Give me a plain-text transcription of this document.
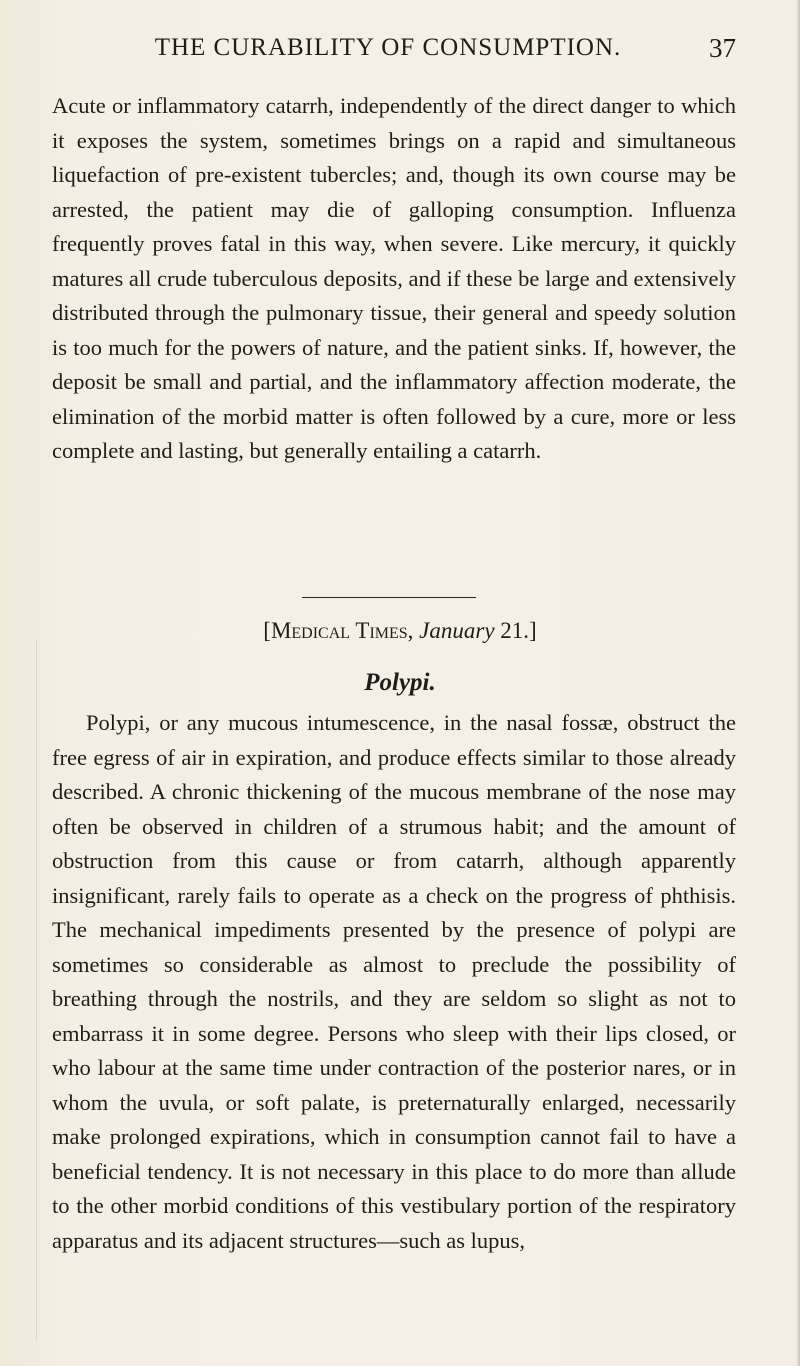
THE CURABILITY OF CONSUMPTION.	37

Acute or inflammatory catarrh, independently of the direct danger to which it exposes the system, sometimes brings on a rapid and simultaneous liquefaction of pre-existent tubercles; and, though its own course may be arrested, the patient may die of galloping consumption. Influenza frequently proves fatal in this way, when severe. Like mercury, it quickly matures all crude tuberculous deposits, and if these be large and extensively distributed through the pulmonary tissue, their general and speedy solution is too much for the powers of nature, and the patient sinks. If, however, the deposit be small and partial, and the inflammatory affection moderate, the elimination of the morbid matter is often followed by a cure, more or less complete and lasting, but generally entailing a catarrh.

[Medical Times, January 21.]
Polypi.

Polypi, or any mucous intumescence, in the nasal fossæ, obstruct the free egress of air in expiration, and produce effects similar to those already described. A chronic thickening of the mucous membrane of the nose may often be observed in children of a strumous habit; and the amount of obstruction from this cause or from catarrh, although apparently insignificant, rarely fails to operate as a check on the progress of phthisis. The mechanical impediments presented by the presence of polypi are sometimes so considerable as almost to preclude the possibility of breathing through the nostrils, and they are seldom so slight as not to embarrass it in some degree. Persons who sleep with their lips closed, or who labour at the same time under contraction of the posterior nares, or in whom the uvula, or soft palate, is preternaturally enlarged, necessarily make prolonged expirations, which in consumption cannot fail to have a beneficial tendency. It is not necessary in this place to do more than allude to the other morbid conditions of this vestibulary portion of the respiratory apparatus and its adjacent structures—such as lupus,
